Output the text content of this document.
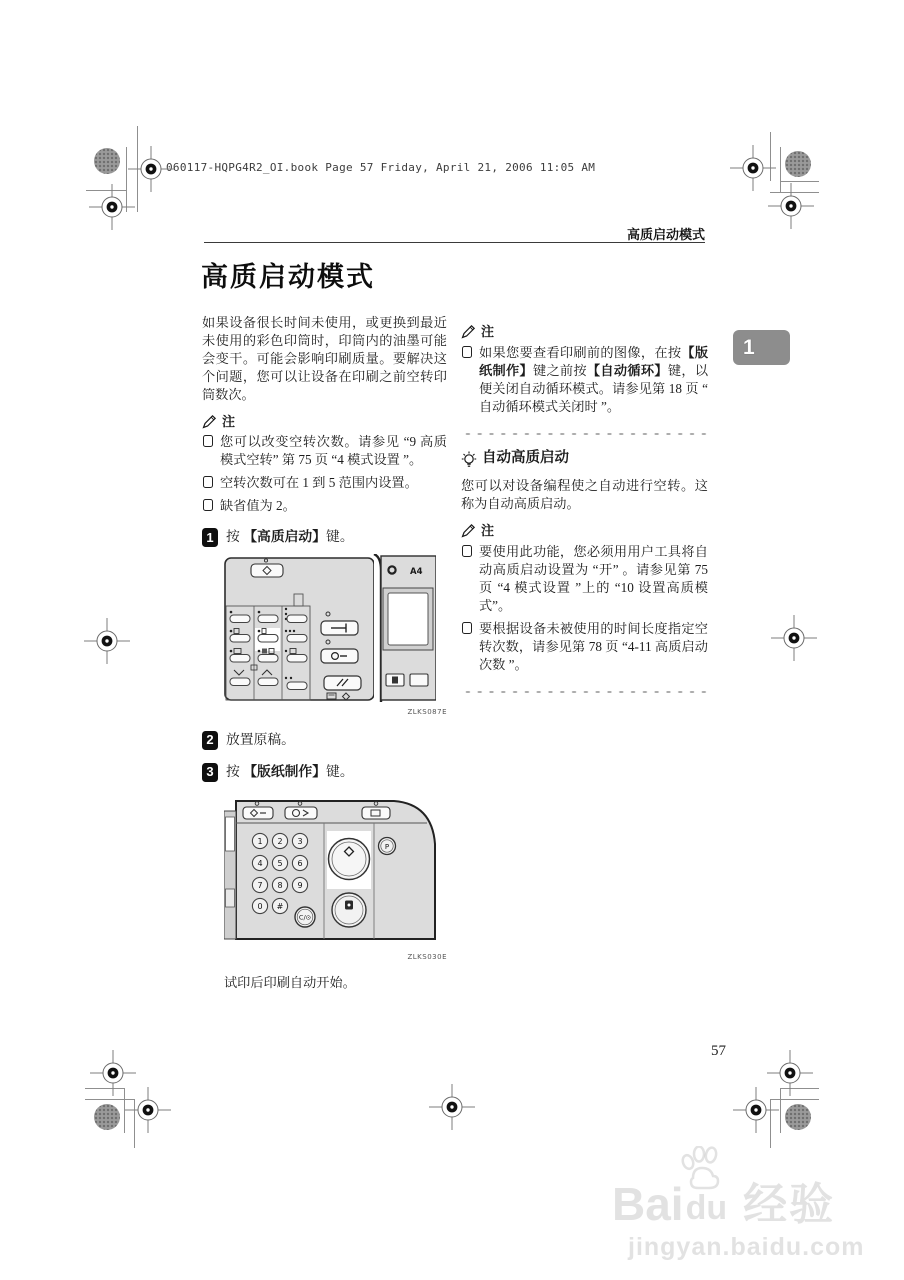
060117-HQPG4R2_OI.book Page 57 Friday, April 21, 2006 11:05 AM
高质启动模式
高质启动模式
1

如果设备很长时间未使用，或更换到最近未使用的彩色印筒时，印筒内的油墨可能会变干。可能会影响印刷质量。要解决这个问题，您可以让设备在印刷之前空转印筒数次。

注
您可以改变空转次数。请参见 “9 高质模式空转” 第 75 页 “4 模式设置 ”。
空转次数可在 1 到 5 范围内设置。
缺省值为 2。
1 按 【高质启动】键。
A4
ZLKS087E
2 放置原稿。
3 按 【版纸制作】键。
1 2 3
4 5 6
7 8 9
0 #
C/⊙
P
ZLKS030E

试印后印刷自动开始。

注
如果您要查看印刷前的图像，在按【版纸制作】键之前按【自动循环】键，以便关闭自动循环模式。请参见第 18 页 “ 自动循环模式关闭时 ”。
自动高质启动

您可以对设备编程使之自动进行空转。这称为自动高质启动。

注
要使用此功能，您必须用用户工具将自动高质启动设置为 “开” 。请参见第 75 页 “4 模式设置 ”上的 “10 设置高质模式”。
要根据设备未被使用的时间长度指定空转次数，请参见第 78 页 “4-11 高质启动次数 ”。
57
Bai du 经验
jingyan.baidu.com
